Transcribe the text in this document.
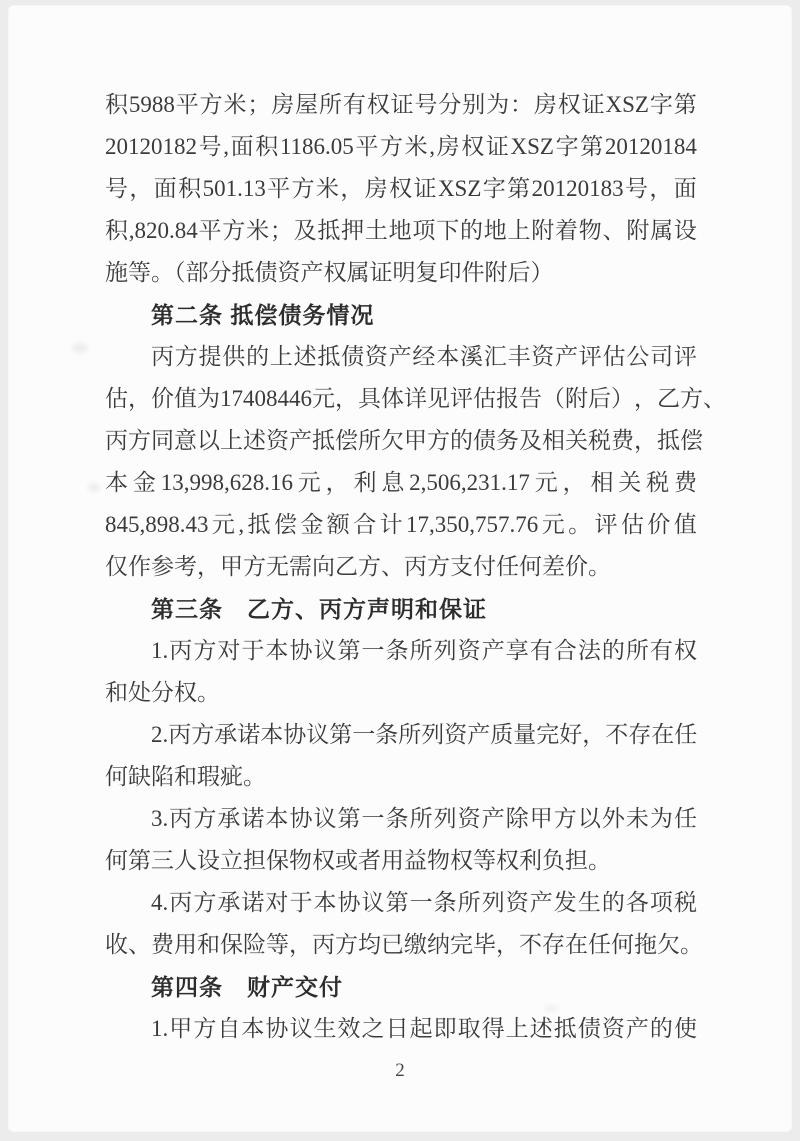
积 5988 平 方 米 ； 房 屋 所 有 权 证 号 分 别 为 ： 房 权 证 XSZ 字 第
20120182 号 , 面 积 1186.05 平 方 米 , 房 权 证 XSZ 字 第 20120184
号 ， 面 积 501.13 平 方 米 ， 房 权 证 XSZ 字 第 20120183 号 ， 面
积 ,820.84 平 方 米 ； 及 抵 押 土 地 项 下 的 地 上 附 着 物 、 附 属 设
施等。（部分抵债资产权属证明复印件附后）
第二条 抵偿债务情况
丙 方 提 供 的 上 述 抵 债 资 产 经 本 溪 汇 丰 资 产 评 估 公 司 评
估 ， 价 值 为 17408446 元 ， 具 体 详 见 评 估 报 告 （ 附 后 ） ， 乙 方 、
丙 方 同 意 以 上 述 资 产 抵 偿 所 欠 甲 方 的 债 务 及 相 关 税 费 ， 抵 偿
本 金 13,998,628.16 元 ， 利 息 2,506,231.17 元 ， 相 关 税 费
845,898.43 元 , 抵 偿 金 额 合 计 17,350,757.76 元 。 评 估 价 值
仅作参考，甲方无需向乙方、丙方支付任何差价。
第三条　乙方、丙方声明和保证
1. 丙 方 对 于 本 协 议 第 一 条 所 列 资 产 享 有 合 法 的 所 有 权
和处分权。
2. 丙 方 承 诺 本 协 议 第 一 条 所 列 资 产 质 量 完 好 ， 不 存 在 任
何缺陷和瑕疵。
3. 丙 方 承 诺 本 协 议 第 一 条 所 列 资 产 除 甲 方 以 外 未 为 任
何第三人设立担保物权或者用益物权等权利负担。
4. 丙 方 承 诺 对 于 本 协 议 第 一 条 所 列 资 产 发 生 的 各 项 税
收 、 费 用 和 保 险 等 ， 丙 方 均 已 缴 纳 完 毕 ， 不 存 在 任 何 拖 欠 。
第四条　财产交付
1. 甲 方 自 本 协 议 生 效 之 日 起 即 取 得 上 述 抵 债 资 产 的 使
2
